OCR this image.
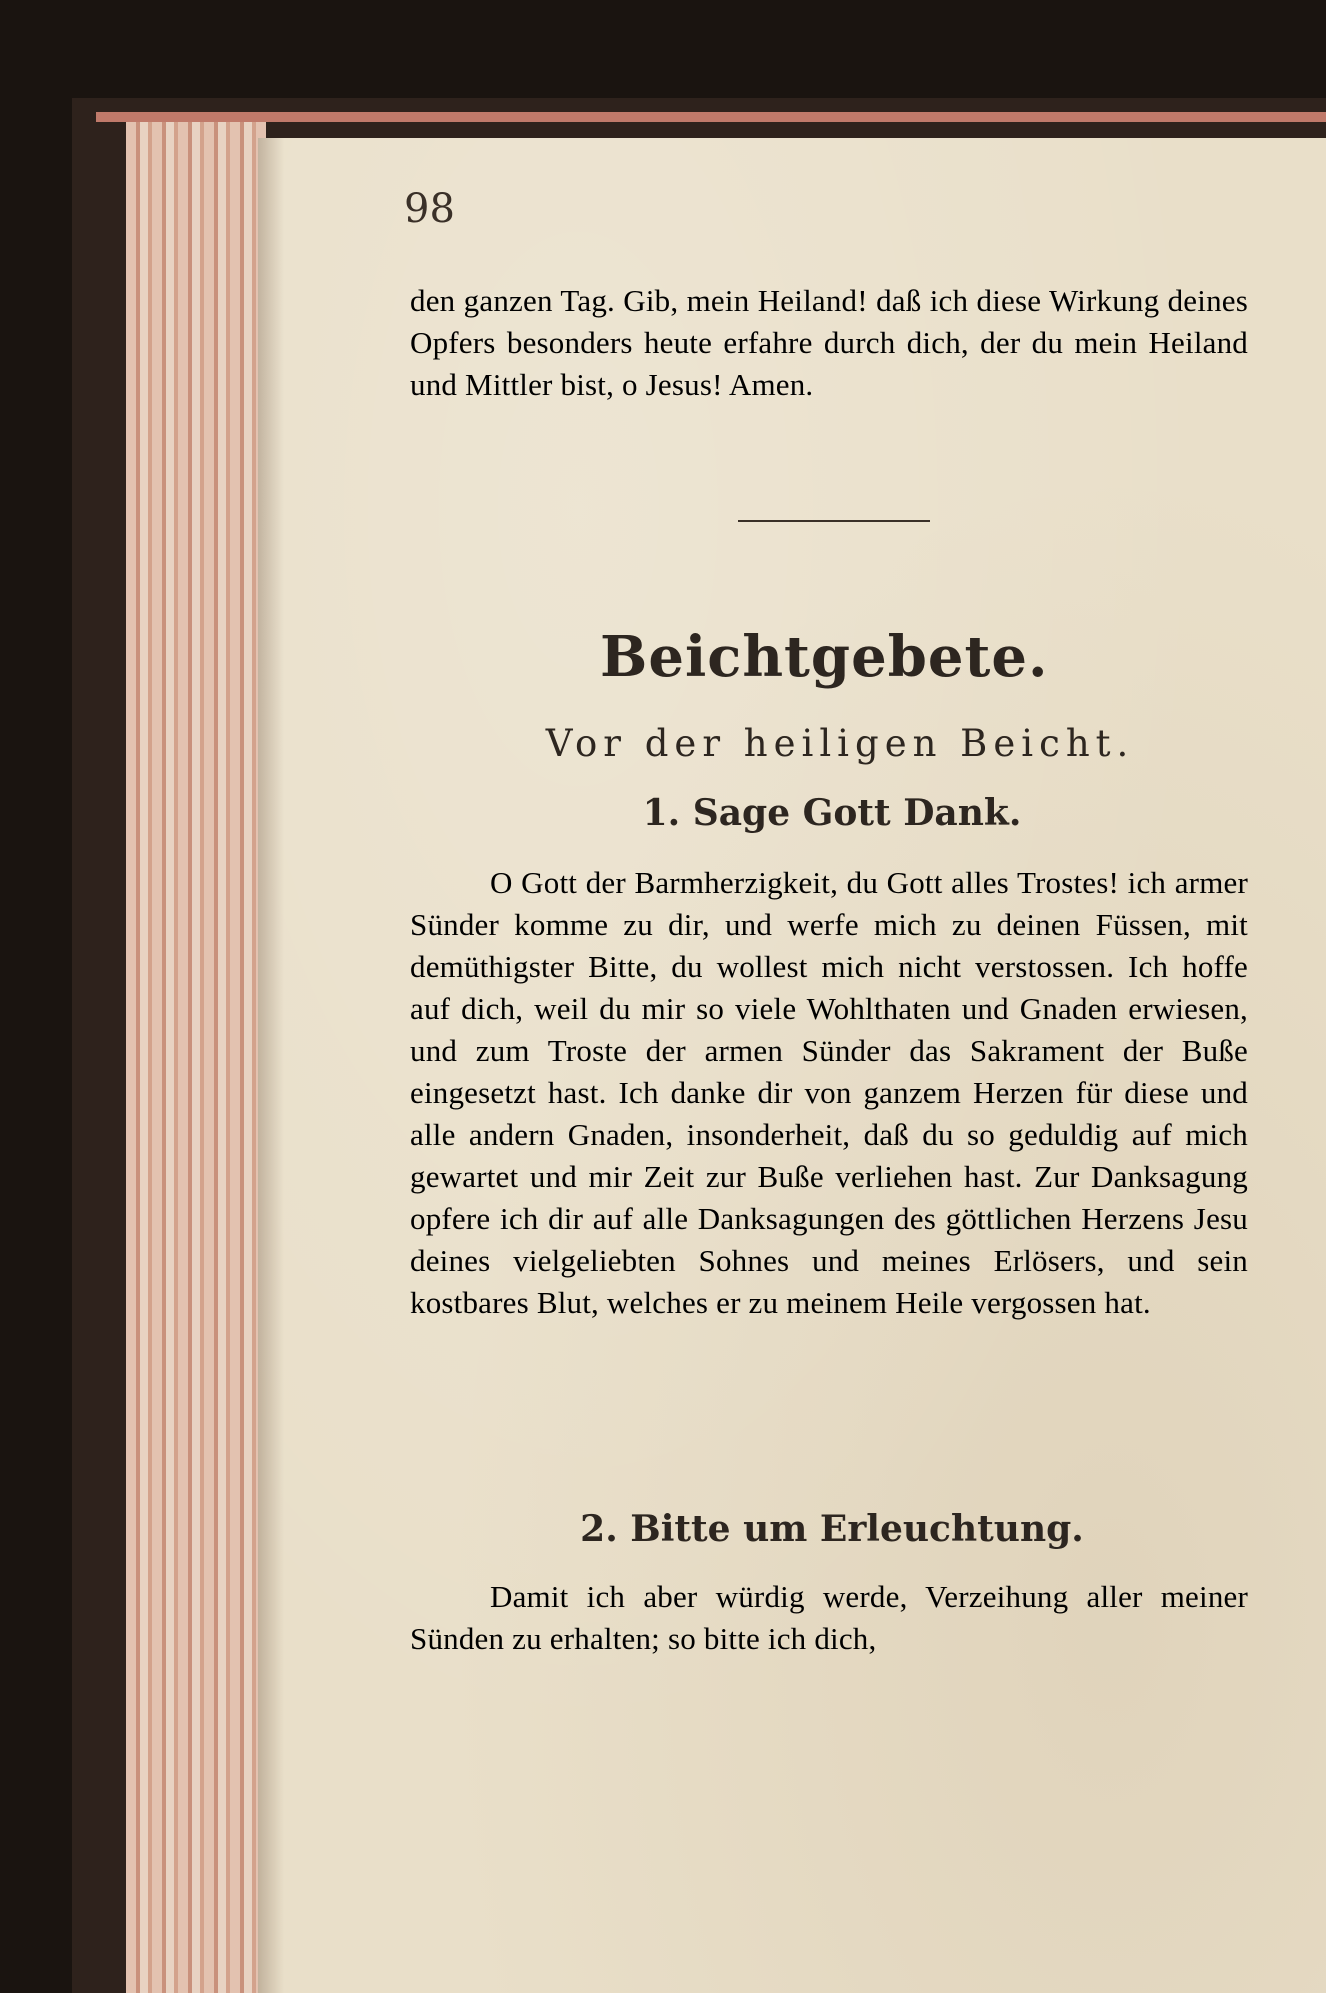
98

den ganzen Tag. Gib, mein Heiland! daß ich diese Wirkung deines Opfers besonders heute erfahre durch dich, der du mein Heiland und Mittler bist, o Jesus! Amen.

Beichtgebete.
Vor der heiligen Beicht.
1. Sage Gott Dank.

O Gott der Barmherzigkeit, du Gott alles Trostes! ich armer Sünder komme zu dir, und werfe mich zu deinen Füssen, mit demüthigster Bitte, du wollest mich nicht verstossen. Ich hoffe auf dich, weil du mir so viele Wohlthaten und Gnaden erwiesen, und zum Troste der armen Sünder das Sakrament der Buße eingesetzt hast. Ich danke dir von ganzem Herzen für diese und alle andern Gnaden, insonderheit, daß du so geduldig auf mich gewartet und mir Zeit zur Buße verliehen hast. Zur Danksagung opfere ich dir auf alle Danksagungen des göttlichen Herzens Jesu deines vielgeliebten Sohnes und meines Erlösers, und sein kostbares Blut, welches er zu meinem Heile vergossen hat.

2. Bitte um Erleuchtung.

Damit ich aber würdig werde, Verzeihung aller meiner Sünden zu erhalten; so bitte ich dich,
